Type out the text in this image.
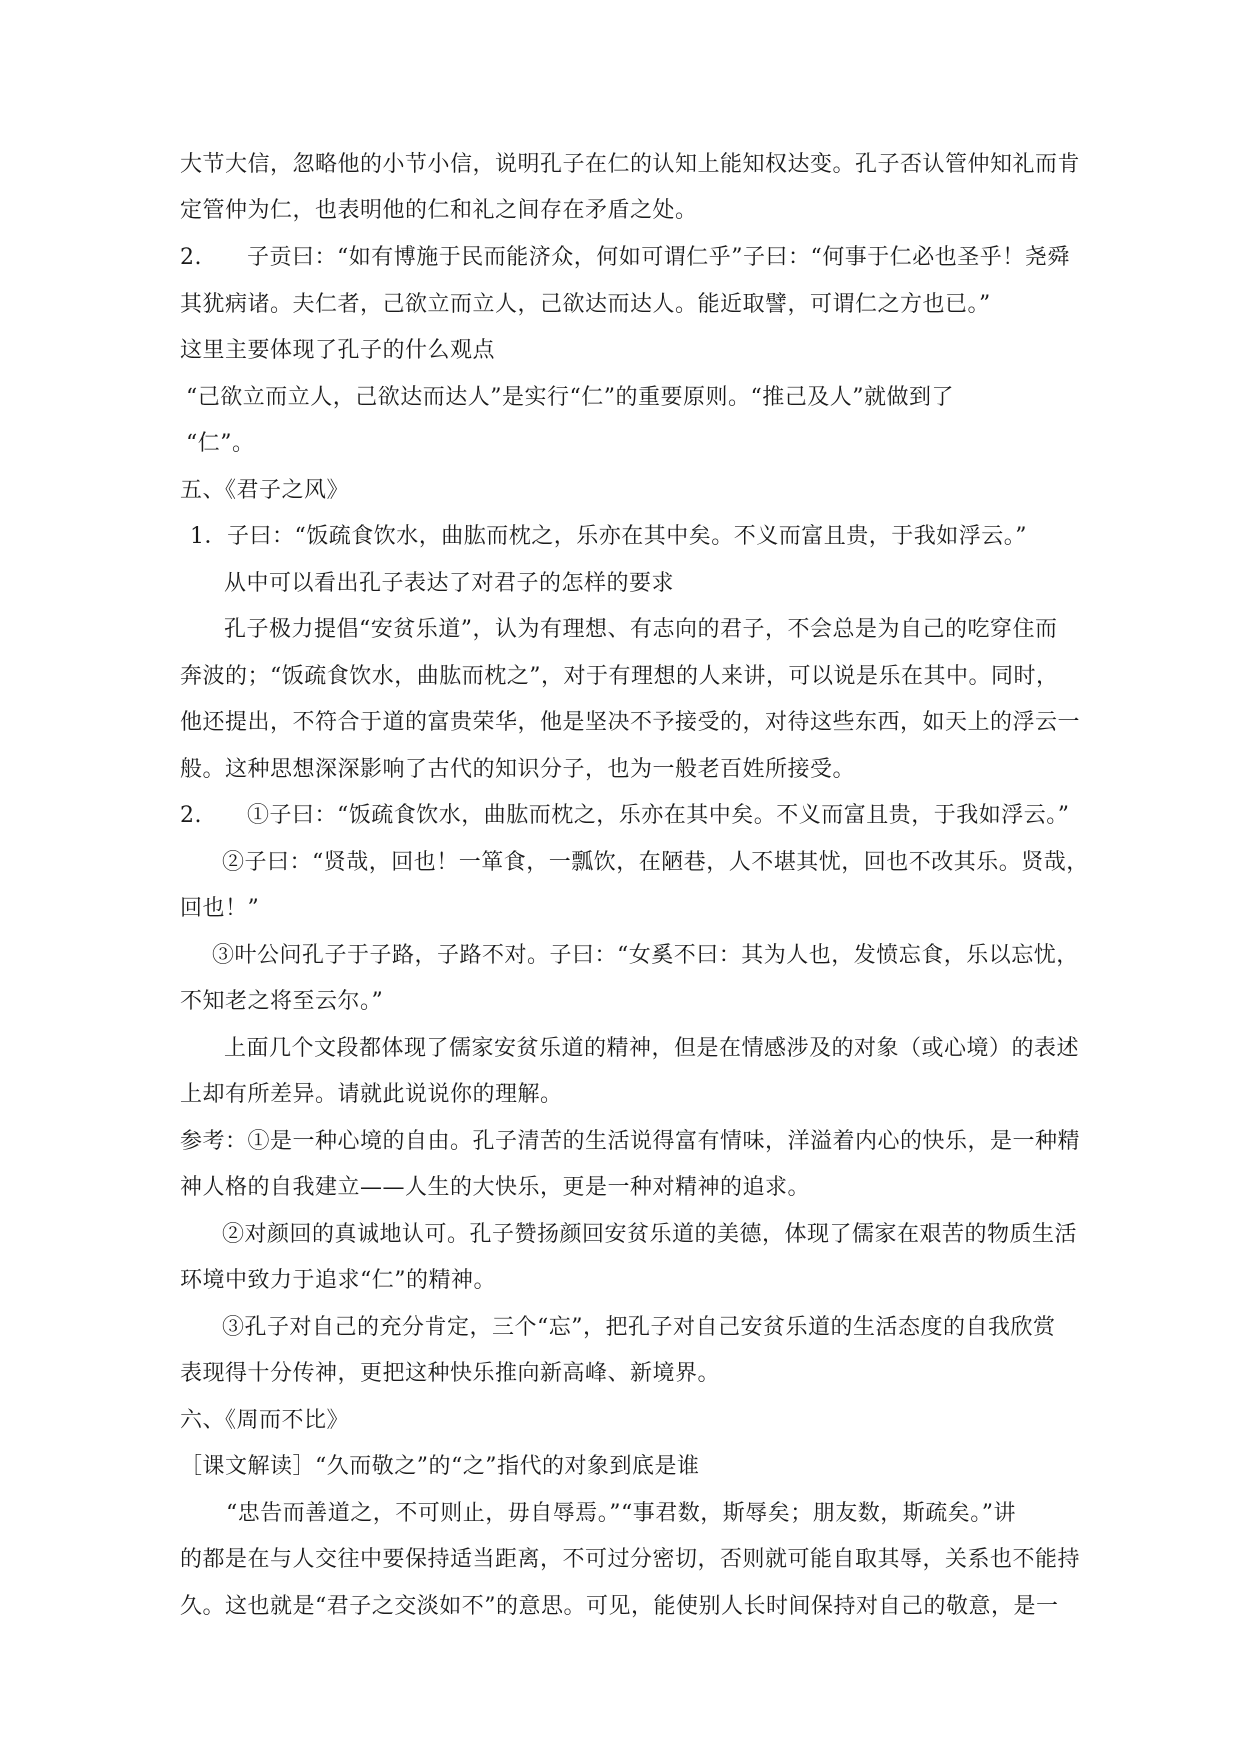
大节大信，忽略他的小节小信，说明孔子在仁的认知上能知权达变。孔子否认管仲知礼而肯
定管仲为仁，也表明他的仁和礼之间存在矛盾之处。
2.　　子贡曰：“如有博施于民而能济众，何如可谓仁乎”子曰：“何事于仁必也圣乎！尧舜
其犹病诸。夫仁者，己欲立而立人，己欲达而达人。能近取譬，可谓仁之方也已。”
这里主要体现了孔子的什么观点
“己欲立而立人，己欲达而达人”是实行“仁”的重要原则。“推己及人”就做到了
“仁”。
五、《君子之风》
1．子曰：“饭疏食饮水，曲肱而枕之，乐亦在其中矣。不义而富且贵，于我如浮云。”
从中可以看出孔子表达了对君子的怎样的要求
孔子极力提倡“安贫乐道”，认为有理想、有志向的君子，不会总是为自己的吃穿住而
奔波的；“饭疏食饮水，曲肱而枕之”，对于有理想的人来讲，可以说是乐在其中。同时，
他还提出，不符合于道的富贵荣华，他是坚决不予接受的，对待这些东西，如天上的浮云一
般。这种思想深深影响了古代的知识分子，也为一般老百姓所接受。
2.　　①子曰：“饭疏食饮水，曲肱而枕之，乐亦在其中矣。不义而富且贵，于我如浮云。”
②子曰：“贤哉，回也！一箪食，一瓢饮，在陋巷，人不堪其忧，回也不改其乐。贤哉，
回也！”
③叶公问孔子于子路，子路不对。子曰：“女奚不曰：其为人也，发愤忘食，乐以忘忧，
不知老之将至云尔。”
上面几个文段都体现了儒家安贫乐道的精神，但是在情感涉及的对象（或心境）的表述
上却有所差异。请就此说说你的理解。
参考：①是一种心境的自由。孔子清苦的生活说得富有情味，洋溢着内心的快乐，是一种精
神人格的自我建立——人生的大快乐，更是一种对精神的追求。
②对颜回的真诚地认可。孔子赞扬颜回安贫乐道的美德，体现了儒家在艰苦的物质生活
环境中致力于追求“仁”的精神。
③孔子对自己的充分肯定，三个“忘”，把孔子对自己安贫乐道的生活态度的自我欣赏
表现得十分传神，更把这种快乐推向新高峰、新境界。
六、《周而不比》
［课文解读］“久而敬之”的“之”指代的对象到底是谁
“忠告而善道之，不可则止，毋自辱焉。”“事君数，斯辱矣；朋友数，斯疏矣。”讲
的都是在与人交往中要保持适当距离，不可过分密切，否则就可能自取其辱，关系也不能持
久。这也就是“君子之交淡如不”的意思。可见，能使别人长时间保持对自己的敬意，是一
